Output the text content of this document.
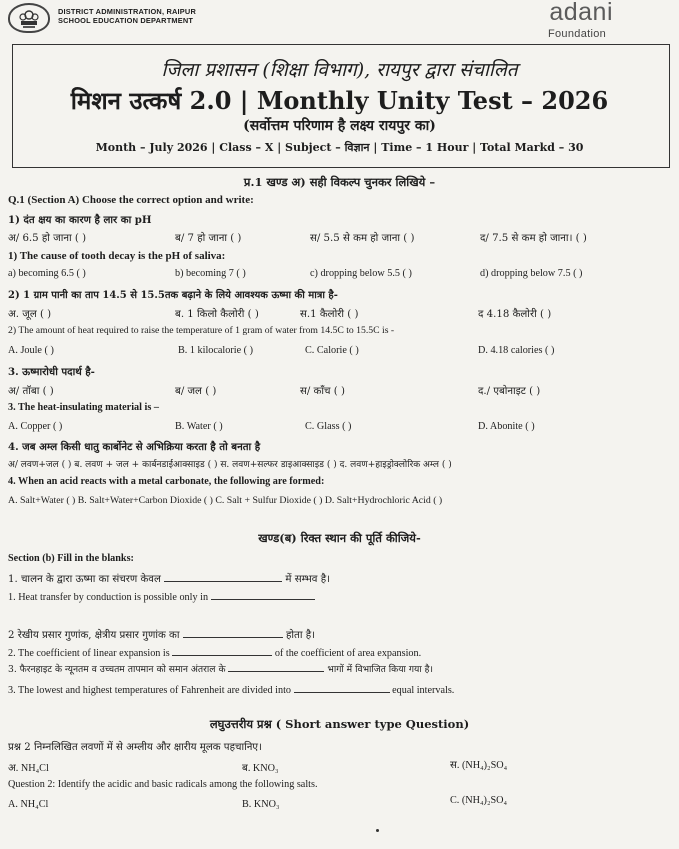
DISTRICT ADMINISTRATION, RAIPUR
SCHOOL EDUCATION DEPARTMENT	adani
Foundation
जिला प्रशासन (शिक्षा विभाग), रायपुर द्वारा संचालित
मिशन उत्कर्ष 2.0 | Monthly Unity Test – 2026
(सर्वोत्तम परिणाम है लक्ष्य रायपुर का)
Month – July 2026 | Class – X | Subject – विज्ञान | Time – 1 Hour | Total Markd – 30
प्र.1 खण्ड अ) सही विकल्प चुनकर लिखिये –
Q.1 (Section A) Choose the correct option and write:
1) दंत क्षय का कारण है लार का pH
अ/ 6.5 हो जाना ( )	ब/ 7 हो जाना ( )	स/ 5.5 से कम हो जाना ( )	द/ 7.5 से कम हो जाना। ( )
1) The cause of tooth decay is the pH of saliva:
a) becoming 6.5 ( )	b) becoming 7 ( )	c) dropping below 5.5 ( )	d) dropping below 7.5 ( )
2) 1 ग्राम पानी का ताप 14.5 से 15.5तक बढ़ाने के लिये आवश्यक ऊष्मा की मात्रा है-
अ. जूल ( )	ब. 1 किलो कैलोरी ( )	स.1 कैलोरी ( )	द 4.18 कैलोरी ( )
2) The amount of heat required to raise the temperature of 1 gram of water from 14.5C to 15.5C is -
A. Joule ( )	B. 1 kilocalorie ( )	C. Calorie ( )	D. 4.18 calories ( )
3. ऊष्मारोधी पदार्थ है-
अ/ तॉबा ( )	ब/ जल ( )	स/ काँच ( )	द./ एबोनाइट ( )
3. The heat-insulating material is –
A. Copper ( )	B. Water ( )	C. Glass ( )	D. Abonite ( )
4. जब अम्ल किसी धातु कार्बोनेट से अभिक्रिया करता है तो बनता है
अ/ लवण+जल ( ) ब. लवण + जल + कार्बनडाईआक्साइड ( ) स. लवण+सल्फर डाइआक्साइड ( ) द. लवण+हाइड्रोक्लोरिक अम्ल ( )
4. When an acid reacts with a metal carbonate, the following are formed:
A. Salt+Water ( ) B. Salt+Water+Carbon Dioxide ( ) C. Salt + Sulfur Dioxide ( ) D. Salt+Hydrochloric Acid ( )
खण्ड(ब) रिक्त स्थान की पूर्ति कीजिये-
Section (b) Fill in the blanks:
1. चालन के द्वारा ऊष्मा का संचरण केवल	में सम्भव है।
1. Heat transfer by conduction is possible only in
2 रेखीय प्रसार गुणांक, क्षेत्रीय प्रसार गुणांक का	होता है।
2. The coefficient of linear expansion is	of the coefficient of area expansion.
3. फैरनहाइट के न्यूनतम व उच्चतम तापमान को समान अंतराल के	भागों में विभाजित किया गया है।
3. The lowest and highest temperatures of Fahrenheit are divided into	equal intervals.
लघुउत्तरीय प्रश्न ( Short answer type Question)
प्रश्न 2 निम्नलिखित लवणों में से अम्लीय और क्षारीय मूलक पहचानिए।
अ. NH₄Cl	ब. KNO₃	स. (NH₄)₂SO₄
Question 2: Identify the acidic and basic radicals among the following salts.
A. NH₄Cl	B. KNO₃	C. (NH₄)₂SO₄
